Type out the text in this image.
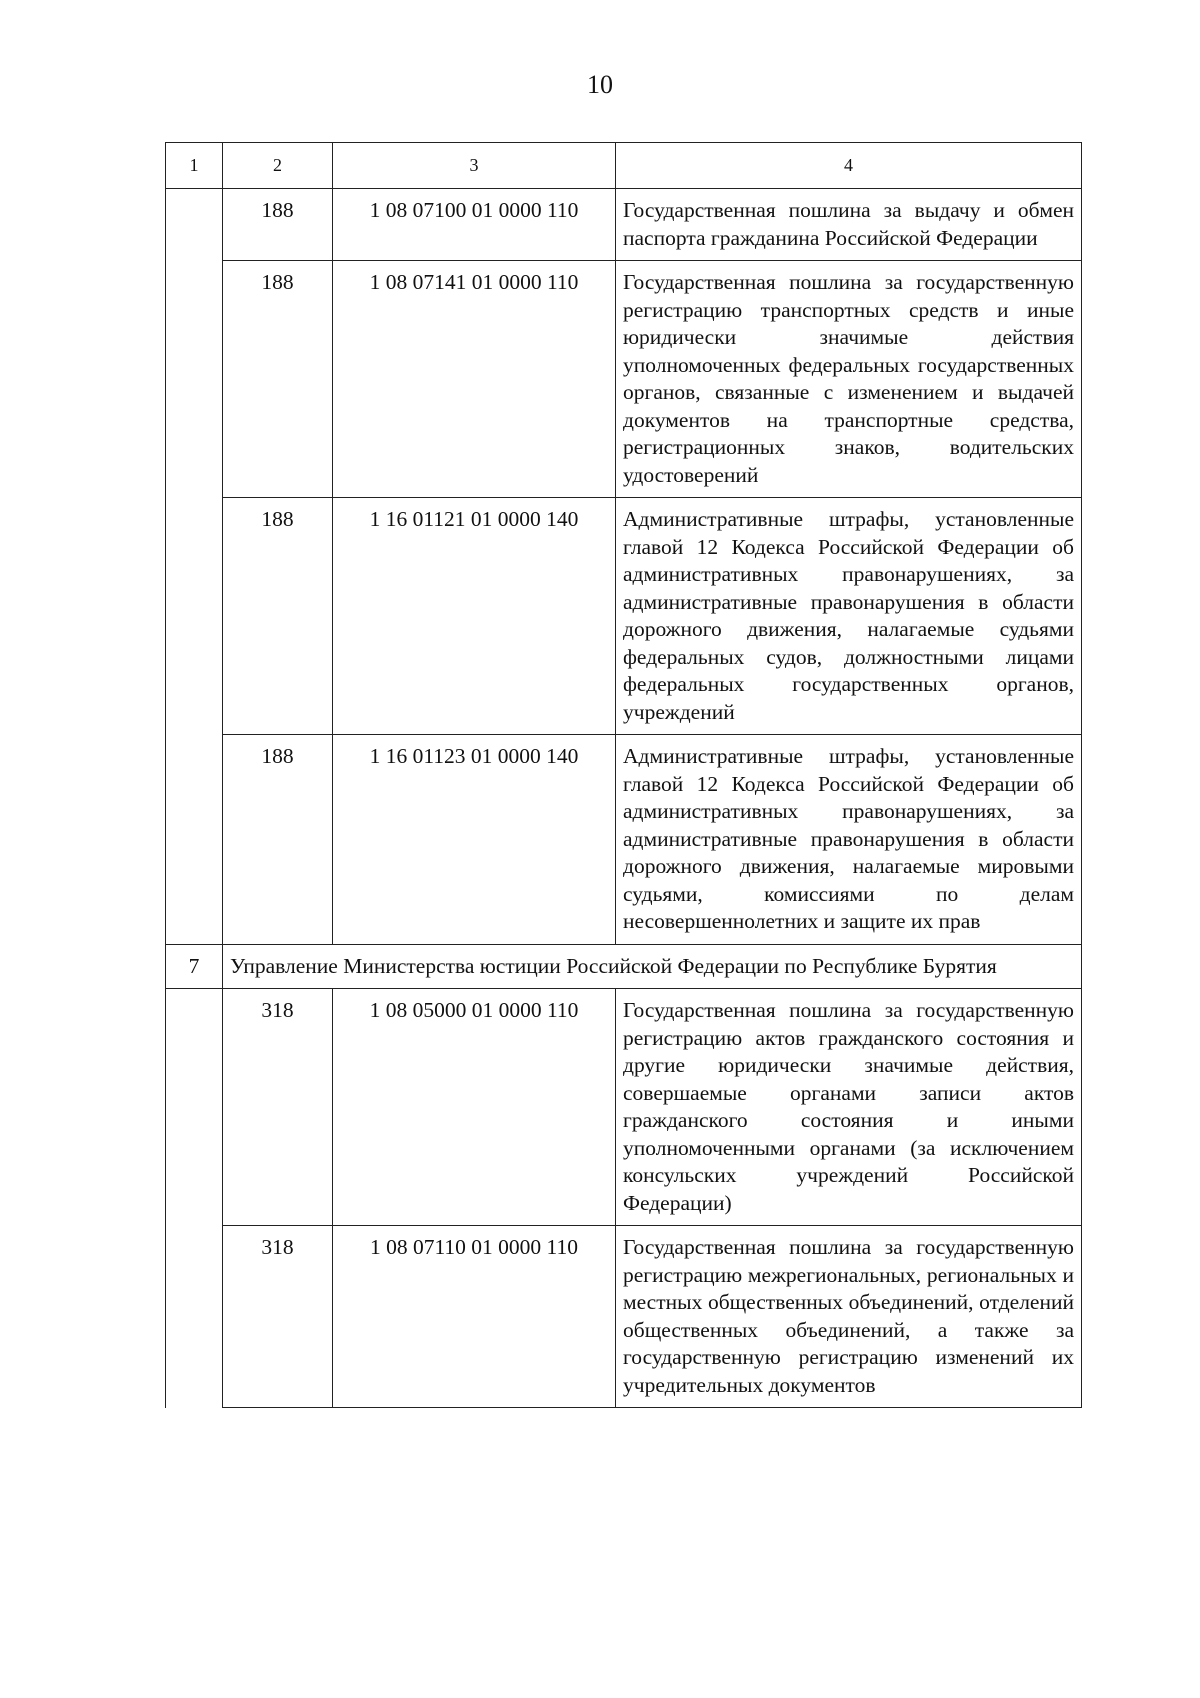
10
1	2	3	4
	188	1 08 07100 01 0000 110	Государственная пошлина за выдачу и обмен паспорта гражданина Российской Федерации
	188	1 08 07141 01 0000 110	Государственная пошлина за государственную регистрацию транспортных средств и иные юридически значимые действия уполномоченных федеральных государственных органов, связанные с изменением и выдачей документов на транспортные средства, регистрационных знаков, водительских удостоверений
	188	1 16 01121 01 0000 140	Административные штрафы, установленные главой 12 Кодекса Российской Федерации об административных правонарушениях, за административные правонарушения в области дорожного движения, налагаемые судьями федеральных судов, должностными лицами федеральных государственных органов, учреждений
	188	1 16 01123 01 0000 140	Административные штрафы, установленные главой 12 Кодекса Российской Федерации об административных правонарушениях, за административные правонарушения в области дорожного движения, налагаемые мировыми судьями, комиссиями по делам несовершеннолетних и защите их прав
7	Управление Министерства юстиции Российской Федерации по Республике Бурятия		
	318	1 08 05000 01 0000 110	Государственная пошлина за государственную регистрацию актов гражданского состояния и другие юридически значимые действия, совершаемые органами записи актов гражданского состояния и иными уполномоченными органами (за исключением консульских учреждений Российской Федерации)
	318	1 08 07110 01 0000 110	Государственная пошлина за государственную регистрацию межрегиональных, региональных и местных общественных объединений, отделений общественных объединений, а также за государственную регистрацию изменений их учредительных документов
